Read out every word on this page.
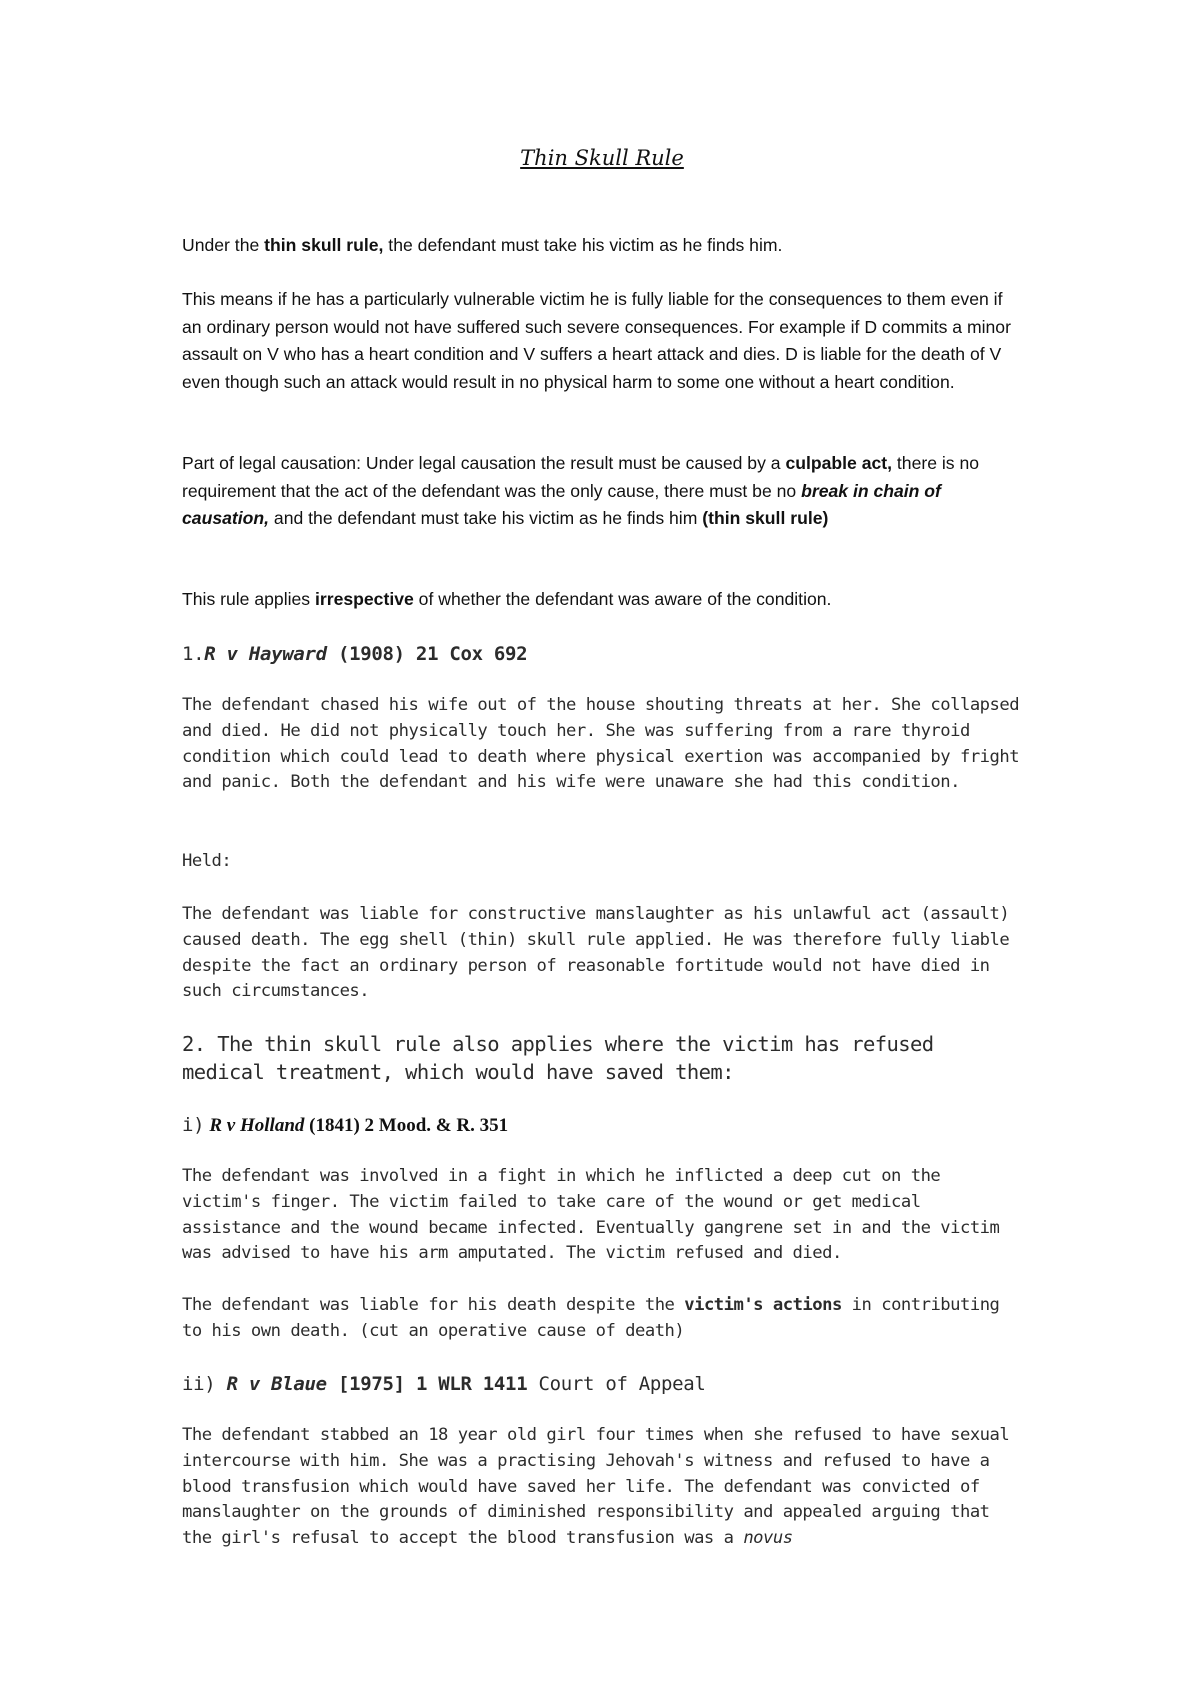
Thin Skull Rule

Under the thin skull rule, the defendant must take his victim as he finds him.

This means if he has a particularly vulnerable victim he is fully liable for the consequences to them even if an ordinary person would not have suffered such severe consequences. For example if D commits a minor assault on V who has a heart condition and V suffers a heart attack and dies. D is liable for the death of V even though such an attack would result in no physical harm to some one without a heart condition.

Part of legal causation: Under legal causation the result must be caused by a culpable act, there is no requirement that the act of the defendant was the only cause, there must be no break in chain of causation, and the defendant must take his victim as he finds him (thin skull rule)

This rule applies irrespective of whether the defendant was aware of the condition.

1.R v Hayward (1908) 21 Cox 692

The defendant chased his wife out of the house shouting threats at her. She collapsed and died. He did not physically touch her. She was suffering from a rare thyroid condition which could lead to death where physical exertion was accompanied by fright and panic. Both the defendant and his wife were unaware she had this condition.

Held:

The defendant was liable for constructive manslaughter as his unlawful act (assault) caused death. The egg shell (thin) skull rule applied. He was therefore fully liable despite the fact an ordinary person of reasonable fortitude would not have died in such circumstances.

2. The thin skull rule also applies where the victim has refused medical treatment, which would have saved them:

i) R v Holland (1841) 2 Mood. & R. 351

The defendant was involved in a fight in which he inflicted a deep cut on the victim's finger. The victim failed to take care of the wound or get medical assistance and the wound became infected. Eventually gangrene set in and the victim was advised to have his arm amputated. The victim refused and died.

The defendant was liable for his death despite the victim's actions in contributing to his own death. (cut an operative cause of death)

ii) R v Blaue [1975] 1 WLR 1411 Court of Appeal

The defendant stabbed an 18 year old girl four times when she refused to have sexual intercourse with him. She was a practising Jehovah's witness and refused to have a blood transfusion which would have saved her life. The defendant was convicted of manslaughter on the grounds of diminished responsibility and appealed arguing that the girl's refusal to accept the blood transfusion was a novus
